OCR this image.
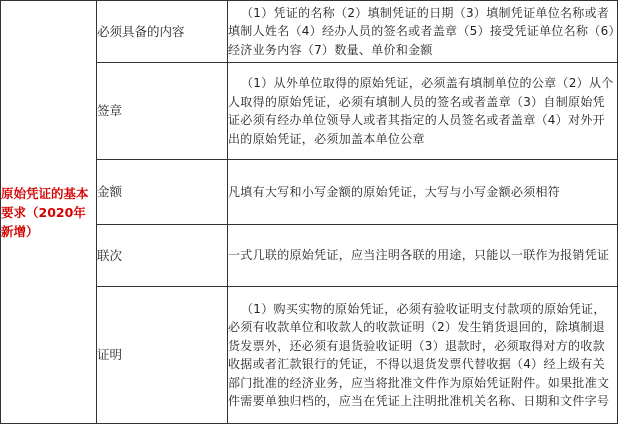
原始凭证的基本要求（2020年新增）	必须具备的内容	（1）凭证的名称（2）填制凭证的日期（3）填制凭证单位名称或者填制人姓名（4）经办人员的签名或者盖章（5）接受凭证单位名称（6）经济业务内容（7）数量、单价和金额
	签章	（1）从外单位取得的原始凭证，必须盖有填制单位的公章（2）从个人取得的原始凭证，必须有填制人员的签名或者盖章（3）自制原始凭证必须有经办单位领导人或者其指定的人员签名或者盖章（4）对外开出的原始凭证，必须加盖本单位公章
	金额	凡填有大写和小写金额的原始凭证，大写与小写金额必须相符
	联次	一式几联的原始凭证，应当注明各联的用途，只能以一联作为报销凭证
	证明	（1）购买实物的原始凭证，必须有验收证明支付款项的原始凭证，必须有收款单位和收款人的收款证明（2）发生销货退回的，除填制退货发票外，还必须有退货验收证明（3）退款时，必须取得对方的收款收据或者汇款银行的凭证，不得以退货发票代替收据（4）经上级有关部门批准的经济业务，应当将批准文件作为原始凭证附件。如果批准文件需要单独归档的，应当在凭证上注明批准机关名称、日期和文件字号
